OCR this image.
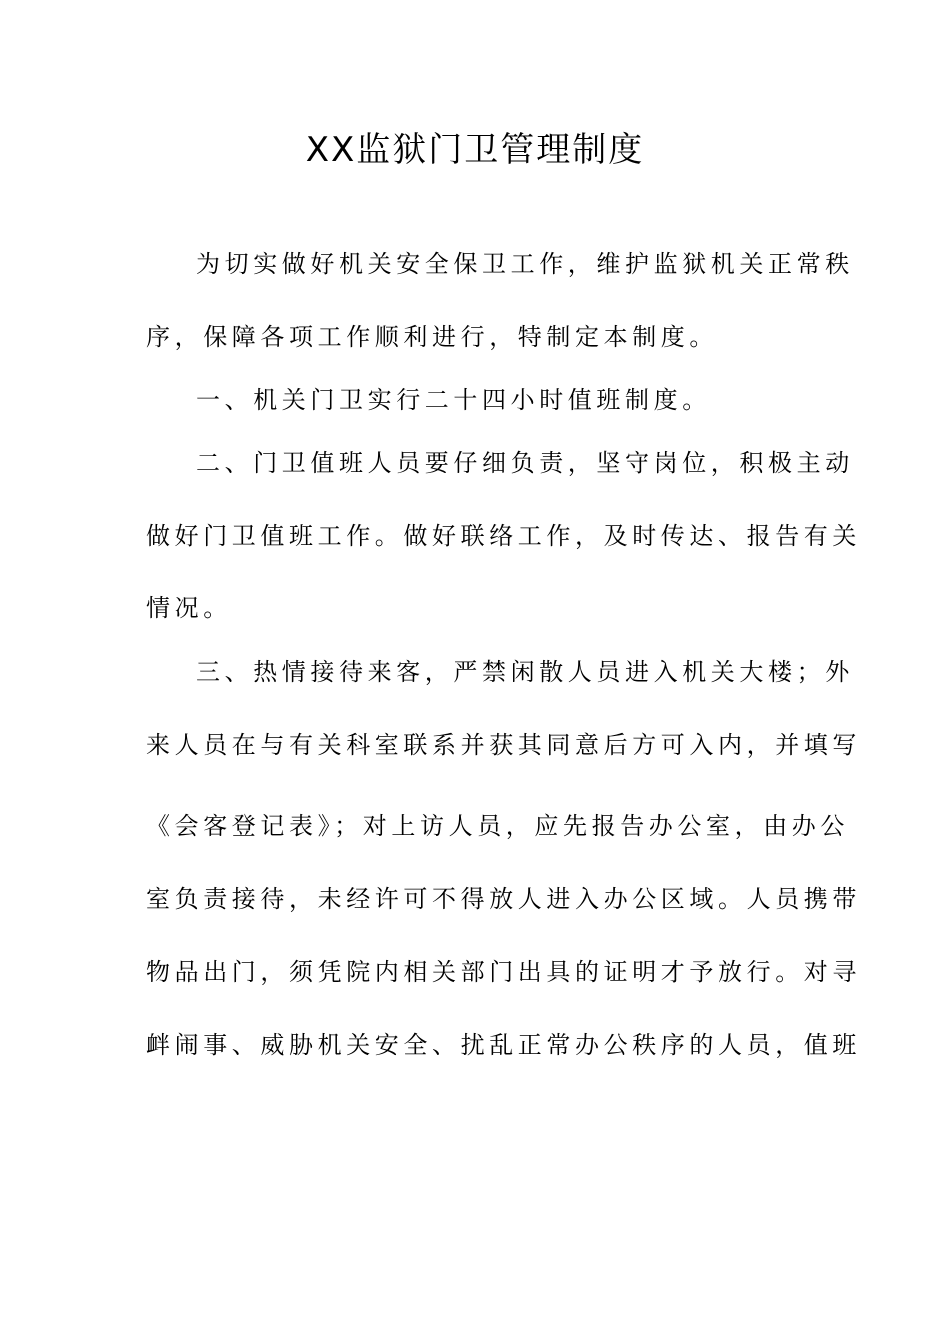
XX监狱门卫管理制度
为切实做好机关安全保卫工作，维护监狱机关正常秩
序，保障各项工作顺利进行，特制定本制度。
一、机关门卫实行二十四小时值班制度。
二、门卫值班人员要仔细负责，坚守岗位，积极主动
做好门卫值班工作。做好联络工作，及时传达、报告有关
情况。
三、热情接待来客，严禁闲散人员进入机关大楼；外
来人员在与有关科室联系并获其同意后方可入内，并填写
《会客登记表》；对上访人员，应先报告办公室，由办公
室负责接待，未经许可不得放人进入办公区域。人员携带
物品出门，须凭院内相关部门出具的证明才予放行。对寻
衅闹事、威胁机关安全、扰乱正常办公秩序的人员，值班
